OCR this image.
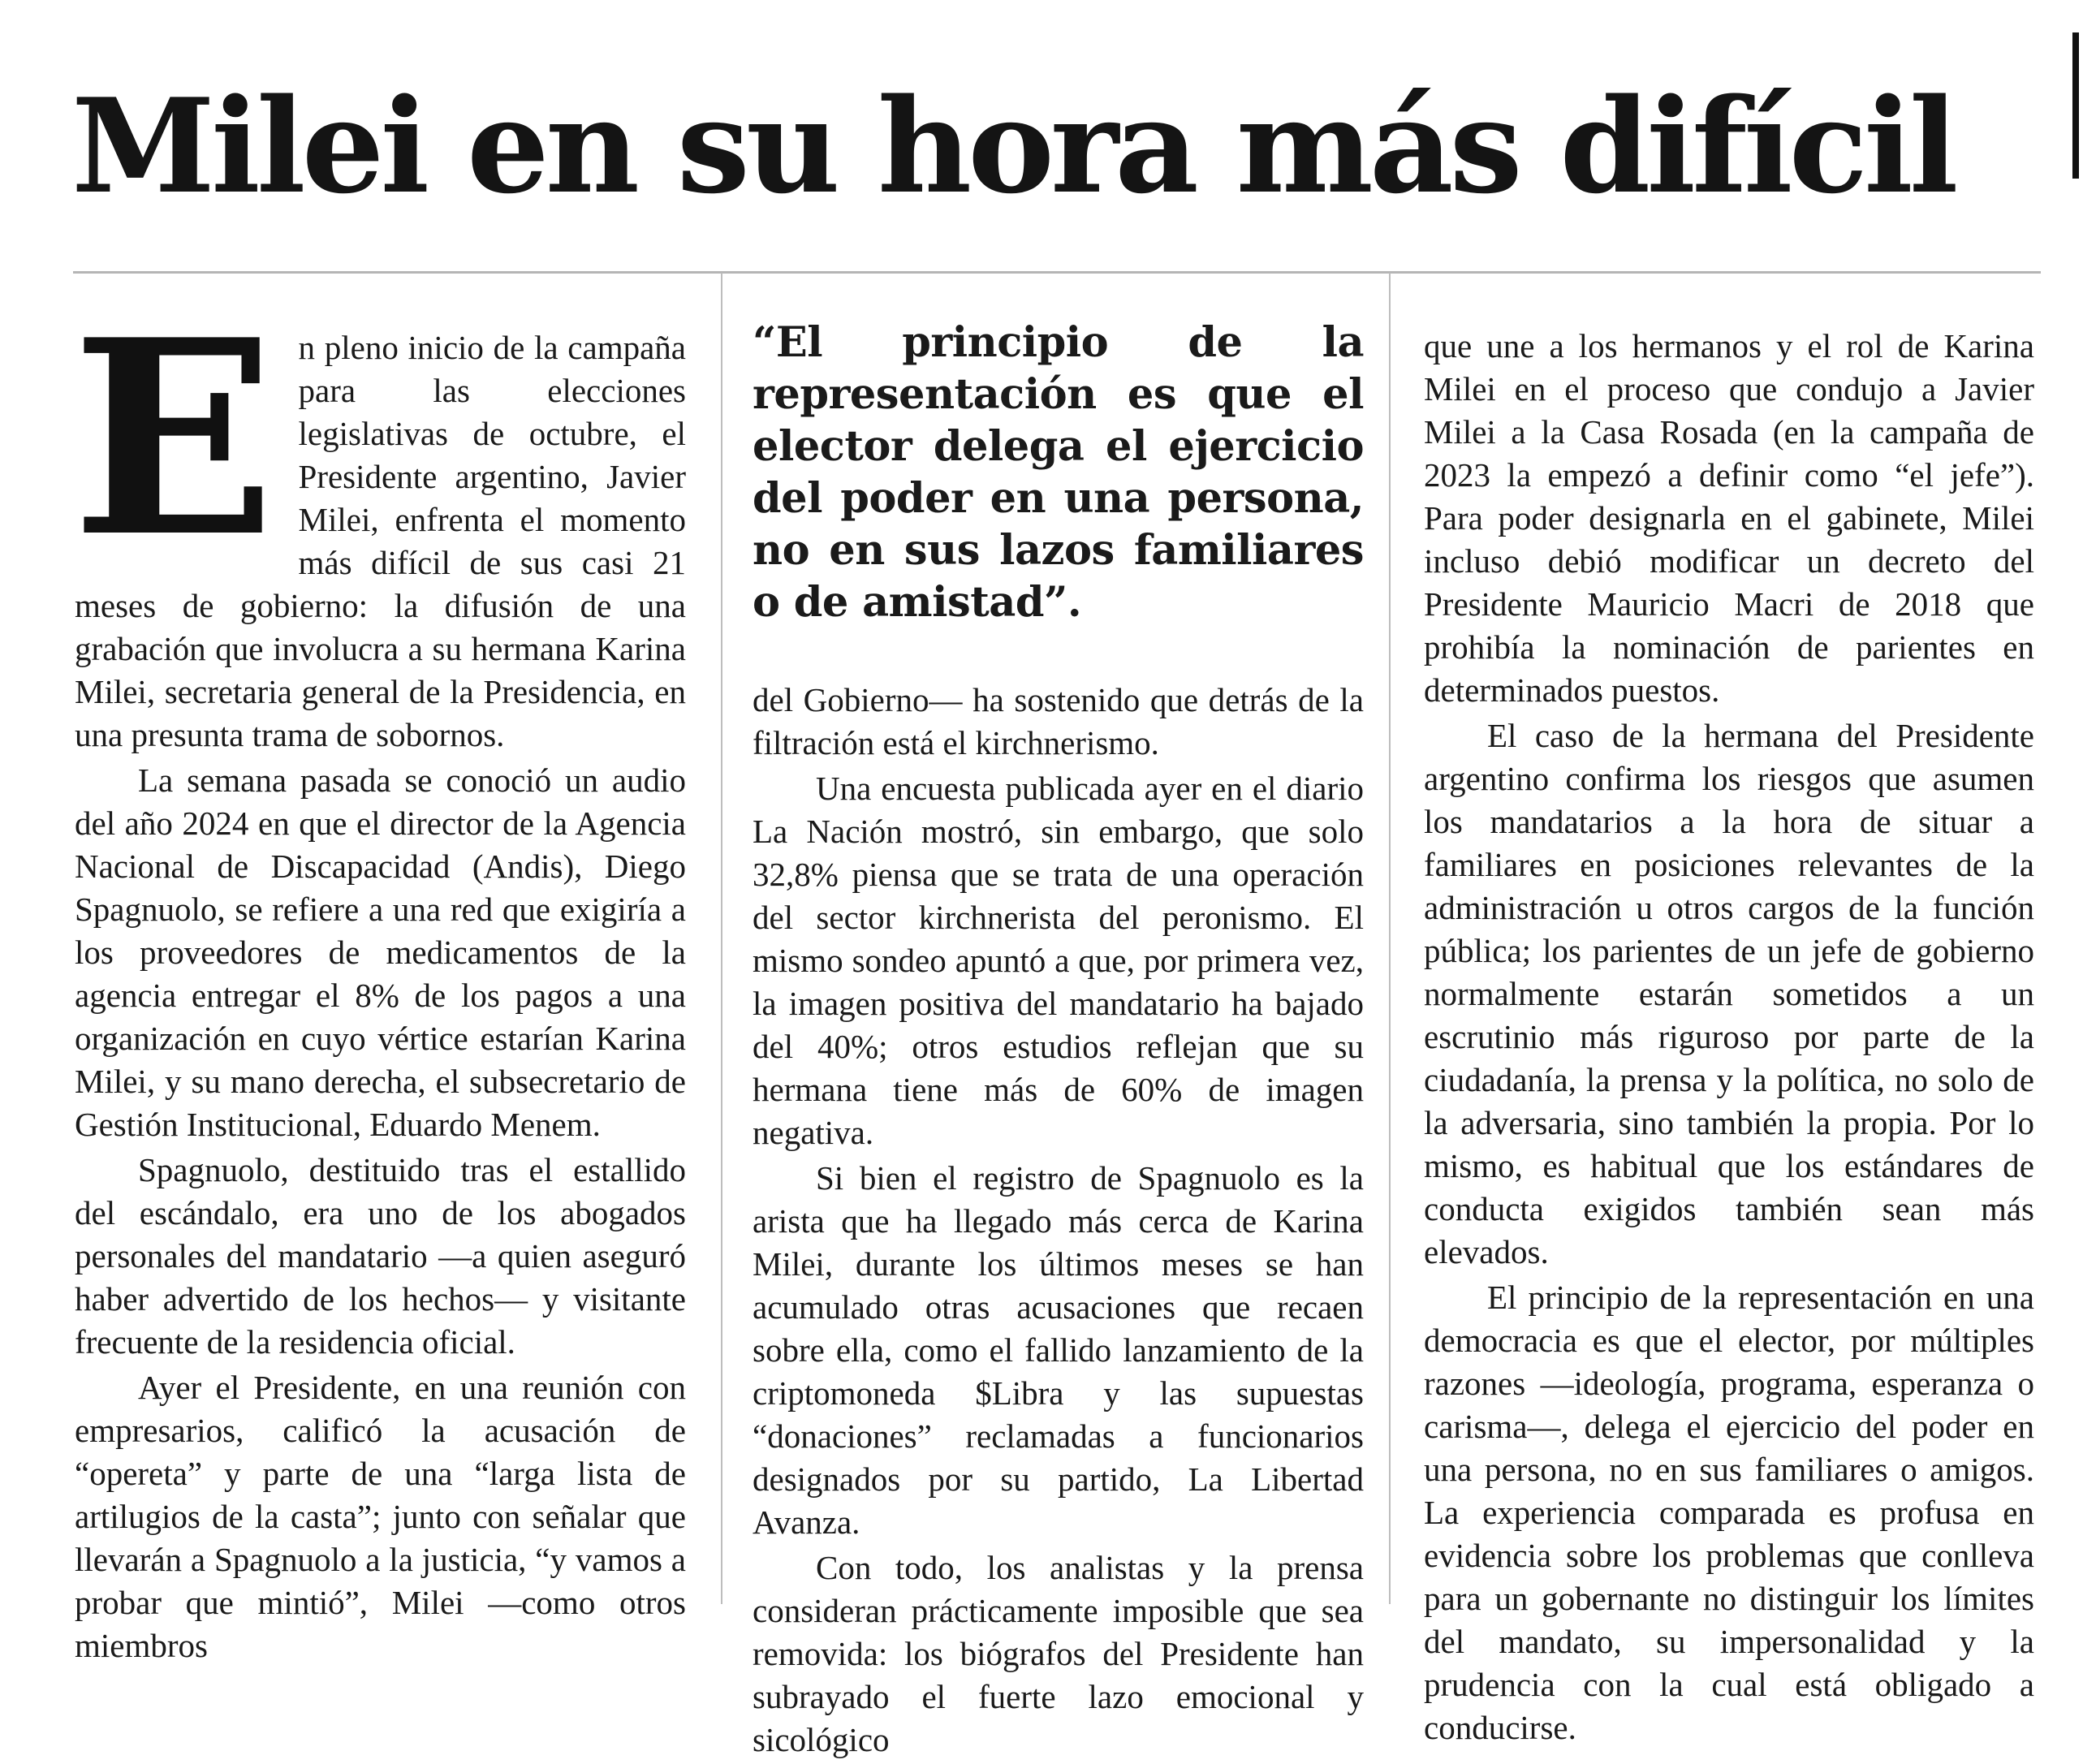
Milei en su hora más difícil
E n pleno inicio de la campaña para las elecciones legislativas de octubre, el Presidente argentino, Javier Milei, enfrenta el momento más difícil de sus casi 21 meses de gobierno: la difusión de una grabación que involucra a su hermana Karina Milei, secretaria general de la Presidencia, en una presunta trama de sobornos.

La semana pasada se conoció un audio del año 2024 en que el director de la Agencia Nacional de Discapacidad (Andis), Diego Spagnuolo, se refiere a una red que exigiría a los proveedores de medicamentos de la agencia entregar el 8% de los pagos a una organización en cuyo vértice estarían Karina Milei, y su mano derecha, el subsecretario de Gestión Institucional, Eduardo Menem.

Spagnuolo, destituido tras el estallido del escándalo, era uno de los abogados personales del mandatario —a quien aseguró haber advertido de los hechos— y visitante frecuente de la residencia oficial.

Ayer el Presidente, en una reunión con empresarios, calificó la acusación de “opereta” y parte de una “larga lista de artilugios de la casta”; junto con señalar que llevarán a Spagnuolo a la justicia, “y vamos a probar que mintió”, Milei —como otros miembros

“El principio de la representación es que el elector delega el ejercicio del poder en una persona, no en sus lazos familiares o de amistad”.

del Gobierno— ha sostenido que detrás de la filtración está el kirchnerismo.

Una encuesta publicada ayer en el diario La Nación mostró, sin embargo, que solo 32,8% piensa que se trata de una operación del sector kirchnerista del peronismo. El mismo sondeo apuntó a que, por primera vez, la imagen positiva del mandatario ha bajado del 40%; otros estudios reflejan que su hermana tiene más de 60% de imagen negativa.

Si bien el registro de Spagnuolo es la arista que ha llegado más cerca de Karina Milei, durante los últimos meses se han acumulado otras acusaciones que recaen sobre ella, como el fallido lanzamiento de la criptomoneda $Libra y las supuestas “donaciones” reclamadas a funcionarios designados por su partido, La Libertad Avanza.

Con todo, los analistas y la prensa consideran prácticamente imposible que sea removida: los biógrafos del Presidente han subrayado el fuerte lazo emocional y sicológico

que une a los hermanos y el rol de Karina Milei en el proceso que condujo a Javier Milei a la Casa Rosada (en la campaña de 2023 la empezó a definir como “el jefe”). Para poder designarla en el gabinete, Milei incluso debió modificar un decreto del Presidente Mauricio Macri de 2018 que prohibía la nominación de parientes en determinados puestos.

El caso de la hermana del Presidente argentino confirma los riesgos que asumen los mandatarios a la hora de situar a familiares en posiciones relevantes de la administración u otros cargos de la función pública; los parientes de un jefe de gobierno normalmente estarán sometidos a un escrutinio más riguroso por parte de la ciudadanía, la prensa y la política, no solo de la adversaria, sino también la propia. Por lo mismo, es habitual que los estándares de conducta exigidos también sean más elevados.

El principio de la representación en una democracia es que el elector, por múltiples razones —ideología, programa, esperanza o carisma—, delega el ejercicio del poder en una persona, no en sus familiares o amigos. La experiencia comparada es profusa en evidencia sobre los problemas que conlleva para un gobernante no distinguir los límites del mandato, su impersonalidad y la prudencia con la cual está obligado a conducirse.
